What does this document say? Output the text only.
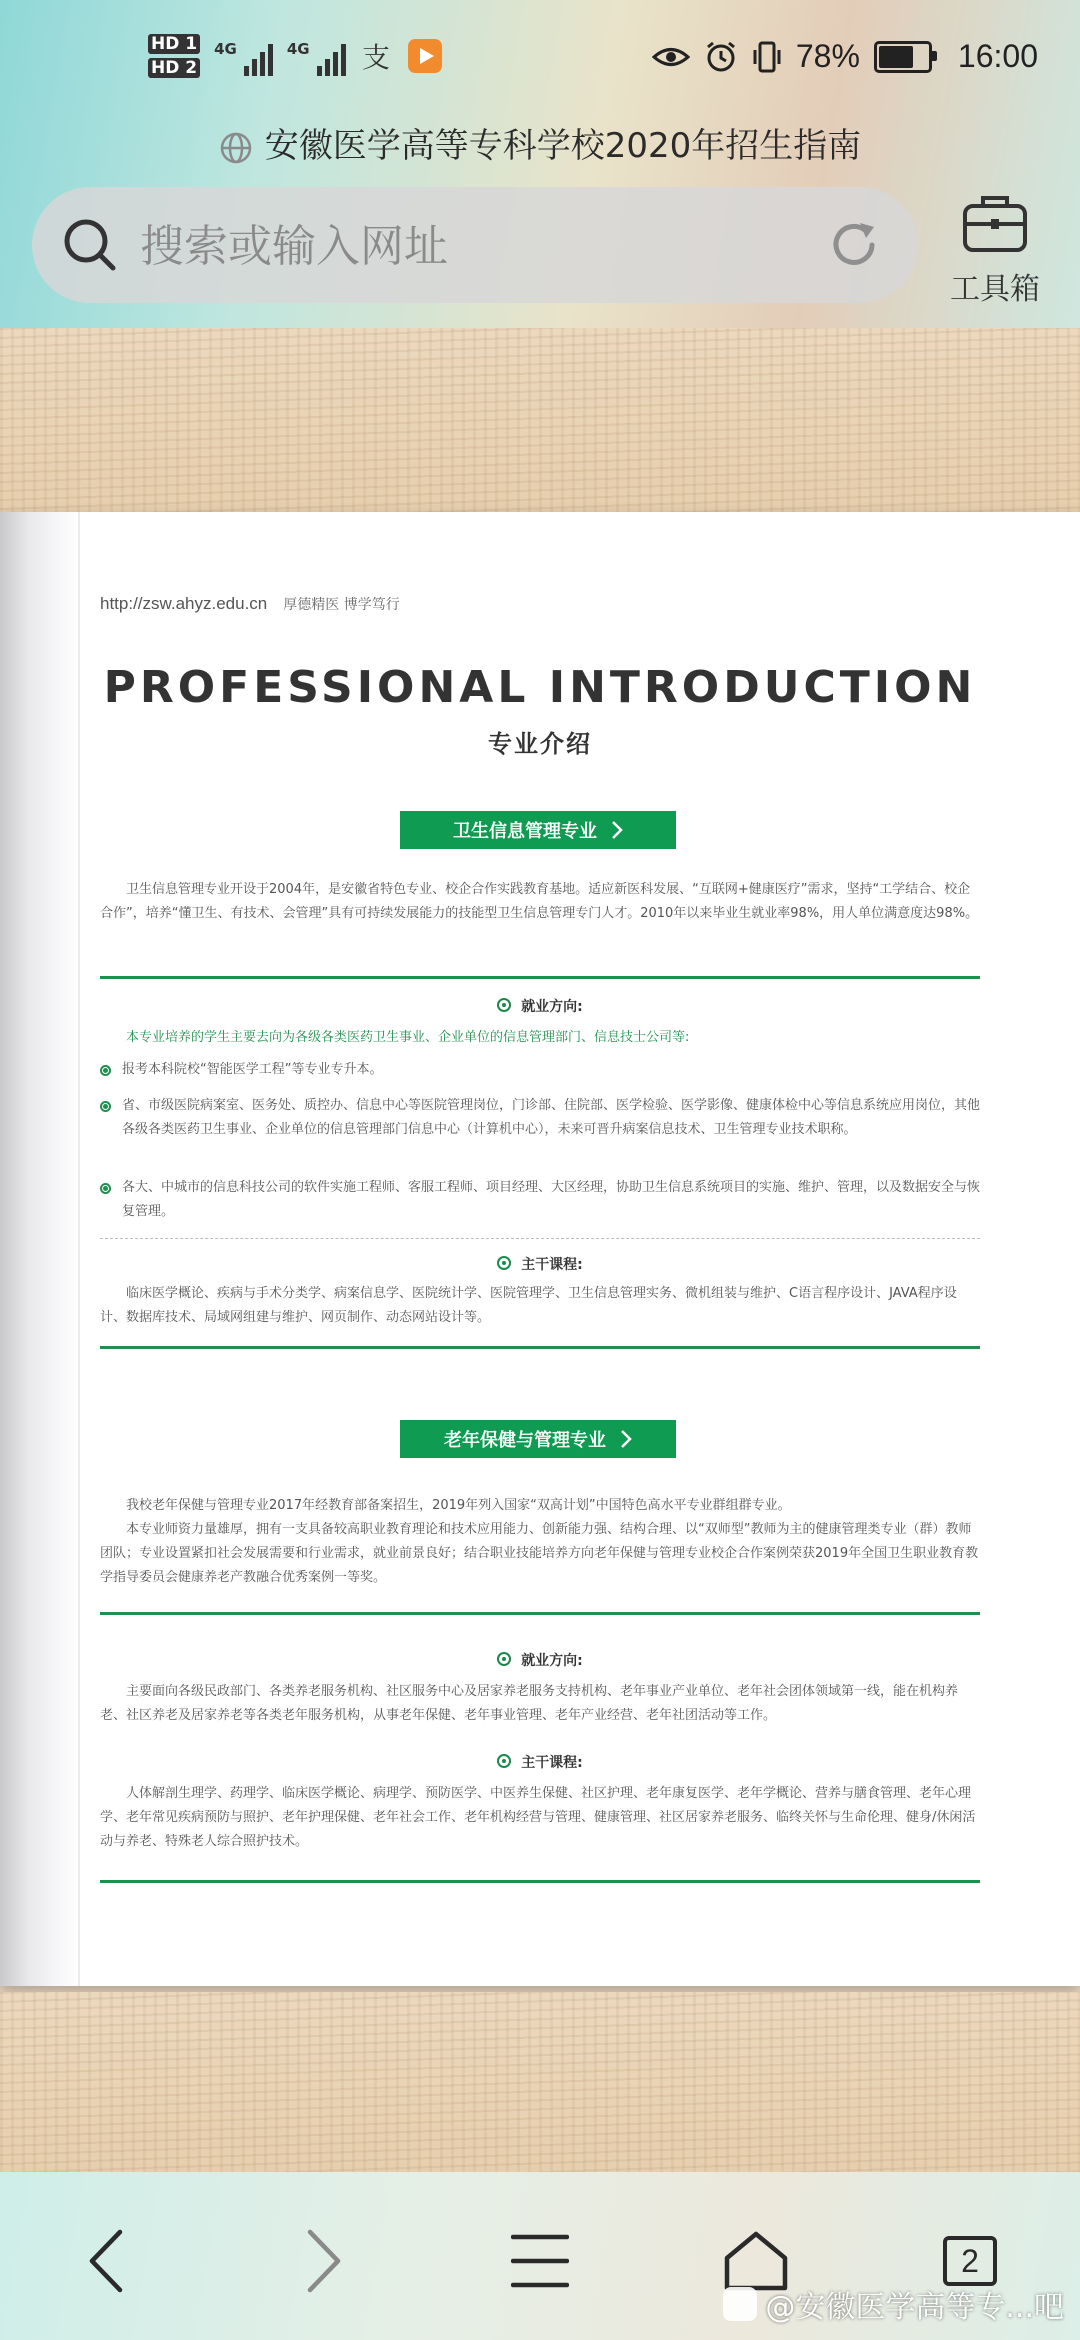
HD 1
HD 2
4G	4G 支	78%	16:00
安徽医学高等专科学校2020年招生指南
搜索或输入网址
工具箱
http://zsw.ahyz.edu.cn 厚德精医 博学笃行
PROFESSIONAL INTRODUCTION
专业介绍
卫生信息管理专业
卫生信息管理专业开设于2004年，是安徽省特色专业、校企合作实践教育基地。适应新医科发展、“互联网+健康医疗”需求，坚持“工学结合、校企合作”，培养“懂卫生、有技术、会管理”具有可持续发展能力的技能型卫生信息管理专门人才。2010年以来毕业生就业率98%，用人单位满意度达98%。
就业方向:
本专业培养的学生主要去向为各级各类医药卫生事业、企业单位的信息管理部门、信息技士公司等:
报考本科院校“智能医学工程”等专业专升本。
省、市级医院病案室、医务处、质控办、信息中心等医院管理岗位，门诊部、住院部、医学检验、医学影像、健康体检中心等信息系统应用岗位，其他各级各类医药卫生事业、企业单位的信息管理部门信息中心（计算机中心），未来可晋升病案信息技术、卫生管理专业技术职称。
各大、中城市的信息科技公司的软件实施工程师、客服工程师、项目经理、大区经理，协助卫生信息系统项目的实施、维护、管理，以及数据安全与恢复管理。
主干课程:
临床医学概论、疾病与手术分类学、病案信息学、医院统计学、医院管理学、卫生信息管理实务、微机组装与维护、C语言程序设计、JAVA程序设计、数据库技术、局域网组建与维护、网页制作、动态网站设计等。
老年保健与管理专业

我校老年保健与管理专业2017年经教育部备案招生，2019年列入国家“双高计划”中国特色高水平专业群组群专业。

本专业师资力量雄厚，拥有一支具备较高职业教育理论和技术应用能力、创新能力强、结构合理、以“双师型”教师为主的健康管理类专业（群）教师团队；专业设置紧扣社会发展需要和行业需求，就业前景良好；结合职业技能培养方向老年保健与管理专业校企合作案例荣获2019年全国卫生职业教育教学指导委员会健康养老产教融合优秀案例一等奖。

就业方向:
主要面向各级民政部门、各类养老服务机构、社区服务中心及居家养老服务支持机构、老年事业产业单位、老年社会团体领域第一线，能在机构养老、社区养老及居家养老等各类老年服务机构，从事老年保健、老年事业管理、老年产业经营、老年社团活动等工作。
主干课程:
人体解剖生理学、药理学、临床医学概论、病理学、预防医学、中医养生保健、社区护理、老年康复医学、老年学概论、营养与膳食管理、老年心理学、老年常见疾病预防与照护、老年护理保健、老年社会工作、老年机构经营与管理、健康管理、社区居家养老服务、临终关怀与生命伦理、健身/休闲活动与养老、特殊老人综合照护技术。
2
@安徽医学高等专...吧
